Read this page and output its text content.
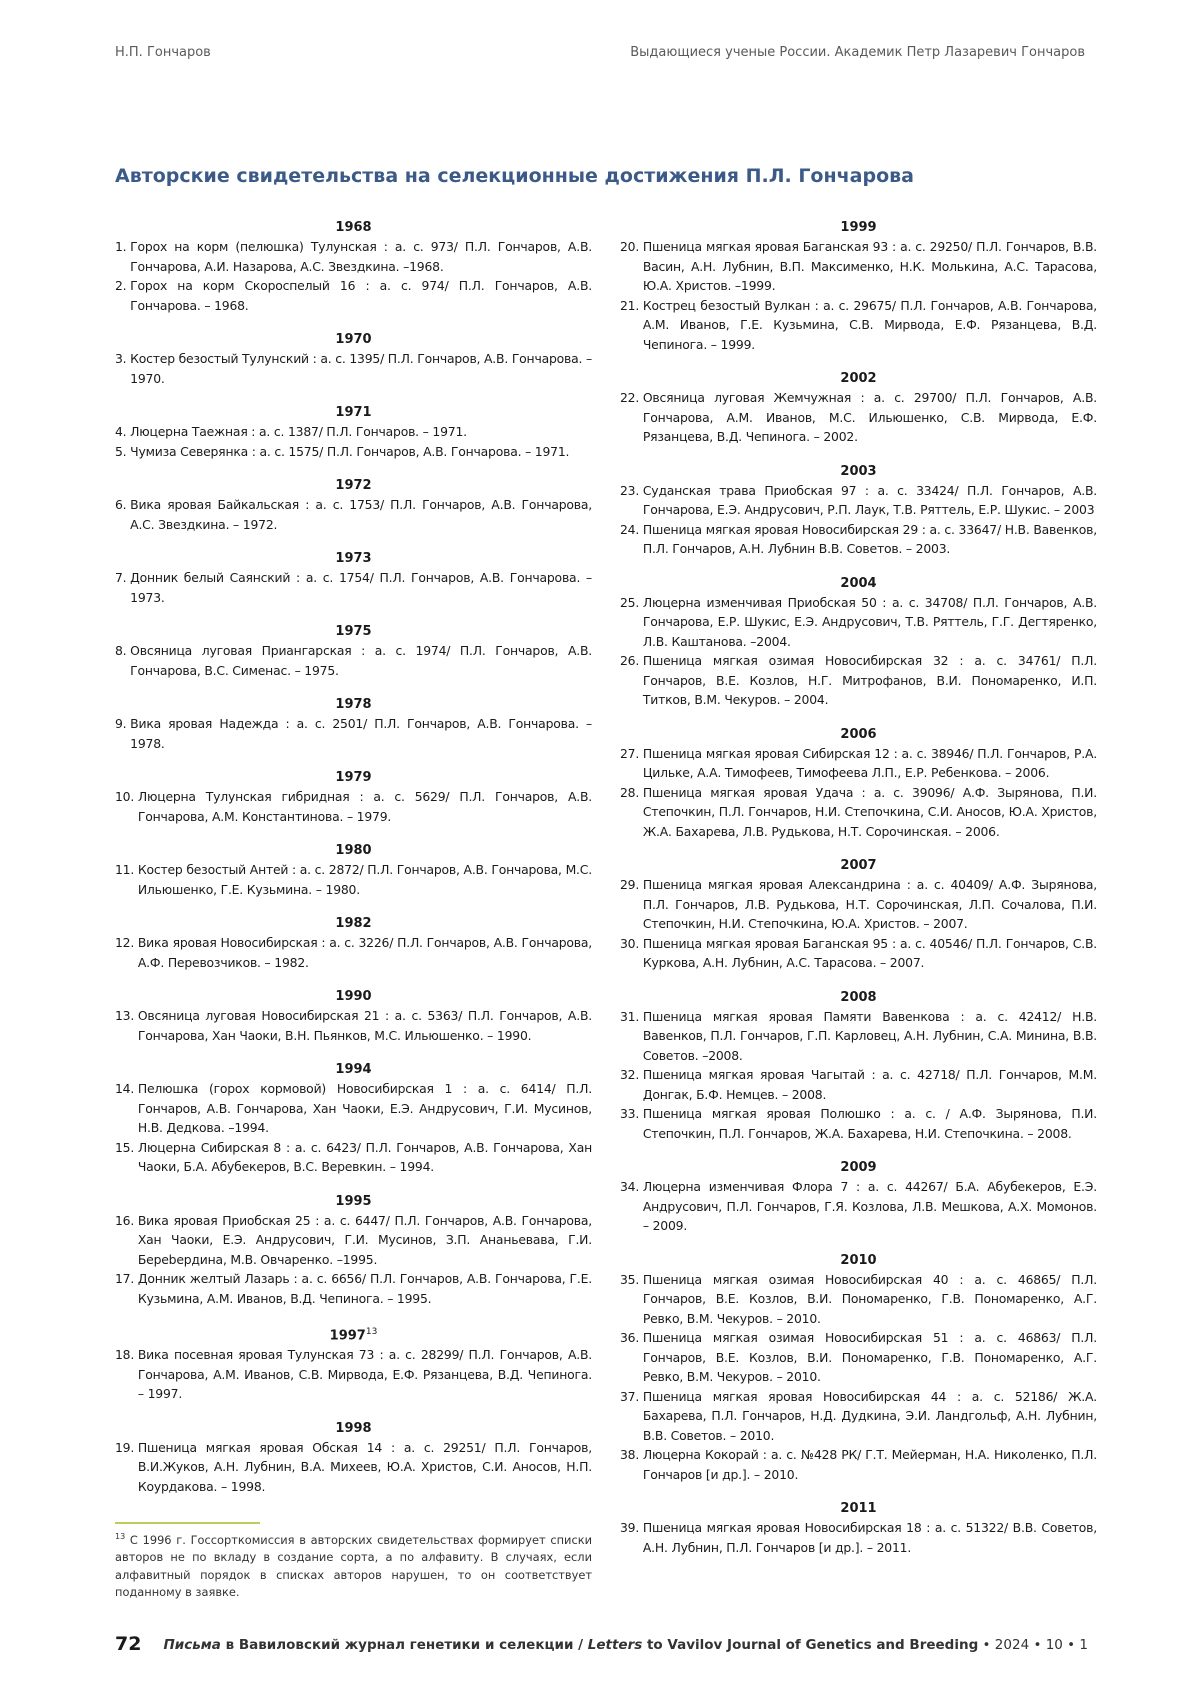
Н.П. Гончаров	Выдающиеся ученые России. Академик Петр Лазаревич Гончаров
Авторские свидетельства на селекционные достижения П.Л. Гончарова
1968
1. Горох на корм (пелюшка) Тулунская : а. с. 973/ П.Л. Гончаров, А.В. Гончарова, А.И. Назарова, А.С. Звездкина. –1968.
2. Горох на корм Скороспелый 16 : а. с. 974/ П.Л. Гончаров, А.В. Гончарова. – 1968.
1970
3. Костер безостый Тулунский : а. с. 1395/ П.Л. Гончаров, А.В. Гончарова. – 1970.
1971
4. Люцерна Таежная : а. с. 1387/ П.Л. Гончаров. – 1971.
5. Чумиза Северянка : а. с. 1575/ П.Л. Гончаров, А.В. Гончарова. – 1971.
1972
6. Вика яровая Байкальская : а. с. 1753/ П.Л. Гончаров, А.В. Гончарова, А.С. Звездкина. – 1972.
1973
7. Донник белый Саянский : а. с. 1754/ П.Л. Гончаров, А.В. Гончарова. – 1973.
1975
8. Овсяница луговая Приангарская : а. с. 1974/ П.Л. Гончаров, А.В. Гончарова, В.С. Сименас. – 1975.
1978
9. Вика яровая Надежда : а. с. 2501/ П.Л. Гончаров, А.В. Гончарова. – 1978.
1979
10. Люцерна Тулунская гибридная : а. с. 5629/ П.Л. Гончаров, А.В. Гончарова, А.М. Константинова. – 1979.
1980
11. Костер безостый Антей : а. с. 2872/ П.Л. Гончаров, А.В. Гончарова, М.С. Ильюшенко, Г.Е. Кузьмина. – 1980.
1982
12. Вика яровая Новосибирская : а. с. 3226/ П.Л. Гончаров, А.В. Гончарова, А.Ф. Перевозчиков. – 1982.
1990
13. Овсяница луговая Новосибирская 21 : а. с. 5363/ П.Л. Гончаров, А.В. Гончарова, Хан Чаоки, В.Н. Пьянков, М.С. Ильюшенко. – 1990.
1994
14. Пелюшка (горох кормовой) Новосибирская 1 : а. с. 6414/ П.Л. Гончаров, А.В. Гончарова, Хан Чаоки, Е.Э. Андрусович, Г.И. Мусинов, Н.В. Дедкова. –1994.
15. Люцерна Сибирская 8 : а. с. 6423/ П.Л. Гончаров, А.В. Гончарова, Хан Чаоки, Б.А. Абубекеров, В.С. Веревкин. – 1994.
1995
16. Вика яровая Приобская 25 : а. с. 6447/ П.Л. Гончаров, А.В. Гончарова, Хан Чаоки, Е.Э. Андрусович, Г.И. Мусинов, З.П. Ананьевава, Г.И. Берebердина, М.В. Овчаренко. –1995.
17. Донник желтый Лазарь : а. с. 6656/ П.Л. Гончаров, А.В. Гончарова, Г.Е. Кузьмина, А.М. Иванов, В.Д. Чепинога. – 1995.
1997$^{13}$
18. Вика посевная яровая Тулунская 73 : а. с. 28299/ П.Л. Гончаров, А.В. Гончарова, А.М. Иванов, С.В. Мирвода, Е.Ф. Рязанцева, В.Д. Чепинога. – 1997.
1998
19. Пшеница мягкая яровая Обская 14 : а. с. 29251/ П.Л. Гончаров, В.И.Жуков, А.Н. Лубнин, В.А. Михеев, Ю.А. Христов, С.И. Аносов, Н.П. Коурдакова. – 1998.
1999
20. Пшеница мягкая яровая Баганская 93 : а. с. 29250/ П.Л. Гончаров, В.В. Васин, А.Н. Лубнин, В.П. Максименко, Н.К. Молькина, А.С. Тарасова, Ю.А. Христов. –1999.
21. Кострец безостый Вулкан : а. с. 29675/ П.Л. Гончаров, А.В. Гончарова, А.М. Иванов, Г.Е. Кузьмина, С.В. Мирвода, Е.Ф. Рязанцева, В.Д. Чепинога. – 1999.
2002
22. Овсяница луговая Жемчужная : а. с. 29700/ П.Л. Гончаров, А.В. Гончарова, А.М. Иванов, М.С. Ильюшенко, С.В. Мирвода, Е.Ф. Рязанцева, В.Д. Чепинога. – 2002.
2003
23. Суданская трава Приобская 97 : а. с. 33424/ П.Л. Гончаров, А.В. Гончарова, Е.Э. Андрусович, Р.П. Лаук, Т.В. Ряттель, Е.Р. Шукис. – 2003
24. Пшеница мягкая яровая Новосибирская 29 : а. с. 33647/ Н.В. Вавенков, П.Л. Гончаров, А.Н. Лубнин В.В. Советов. – 2003.
2004
25. Люцерна изменчивая Приобская 50 : а. с. 34708/ П.Л. Гончаров, А.В. Гончарова, Е.Р. Шукис, Е.Э. Андрусович, Т.В. Ряттель, Г.Г. Дегтяренко, Л.В. Каштанова. –2004.
26. Пшеница мягкая озимая Новосибирская 32 : а. с. 34761/ П.Л. Гончаров, В.Е. Козлов, Н.Г. Митрофанов, В.И. Пономаренко, И.П. Титков, В.М. Чекуров. – 2004.
2006
27. Пшеница мягкая яровая Сибирская 12 : а. с. 38946/ П.Л. Гончаров, Р.А. Цильке, А.А. Тимофеев, Тимофеева Л.П., Е.Р. Ребенкова. – 2006.
28. Пшеница мягкая яровая Удача : а. с. 39096/ А.Ф. Зырянова, П.И. Степочкин, П.Л. Гончаров, Н.И. Степочкина, С.И. Аносов, Ю.А. Христов, Ж.А. Бахарева, Л.В. Рудькова, Н.Т. Сорочинская. – 2006.
2007
29. Пшеница мягкая яровая Александрина : а. с. 40409/ А.Ф. Зырянова, П.Л. Гончаров, Л.В. Рудькова, Н.Т. Сорочинская, Л.П. Сочалова, П.И. Степочкин, Н.И. Степочкина, Ю.А. Христов. – 2007.
30. Пшеница мягкая яровая Баганская 95 : а. с. 40546/ П.Л. Гончаров, С.В. Куркова, А.Н. Лубнин, А.С. Тарасова. – 2007.
2008
31. Пшеница мягкая яровая Памяти Вавенкова : а. с. 42412/ Н.В. Вавенков, П.Л. Гончаров, Г.П. Карловец, А.Н. Лубнин, С.А. Минина, В.В. Советов. –2008.
32. Пшеница мягкая яровая Чагытай : а. с. 42718/ П.Л. Гончаров, М.М. Донгак, Б.Ф. Немцев. – 2008.
33. Пшеница мягкая яровая Полюшко : а. с. / А.Ф. Зырянова, П.И. Степочкин, П.Л. Гончаров, Ж.А. Бахарева, Н.И. Степочкина. – 2008.
2009
34. Люцерна изменчивая Флора 7 : а. с. 44267/ Б.А. Абубекеров, Е.Э. Андрусович, П.Л. Гончаров, Г.Я. Козлова, Л.В. Мешкова, А.Х. Момонов. – 2009.
2010
35. Пшеница мягкая озимая Новосибирская 40 : а. с. 46865/ П.Л. Гончаров, В.Е. Козлов, В.И. Пономаренко, Г.В. Пономаренко, А.Г. Ревко, В.М. Чекуров. – 2010.
36. Пшеница мягкая озимая Новосибирская 51 : а. с. 46863/ П.Л. Гончаров, В.Е. Козлов, В.И. Пономаренко, Г.В. Пономаренко, А.Г. Ревко, В.М. Чекуров. – 2010.
37. Пшеница мягкая яровая Новосибирская 44 : а. с. 52186/ Ж.А. Бахарева, П.Л. Гончаров, Н.Д. Дудкина, Э.И. Ландгольф, А.Н. Лубнин, В.В. Советов. – 2010.
38. Люцерна Кокорай : а. с. №428 РК/ Г.Т. Мейерман, Н.А. Николенко, П.Л. Гончаров [и др.]. – 2010.
2011
39. Пшеница мягкая яровая Новосибирская 18 : а. с. 51322/ В.В. Советов, А.Н. Лубнин, П.Л. Гончаров [и др.]. – 2011.
$^{13}$ С 1996 г. Госсорткомиссия в авторских свидетельствах формирует списки авторов не по вкладу в создание сорта, а по алфавиту. В случаях, если алфавитный порядок в списках авторов нарушен, то он соответствует поданному в заявке.
72 Письма в Вавиловский журнал генетики и селекции / Letters to Vavilov Journal of Genetics and Breeding • 2024 • 10 • 1
